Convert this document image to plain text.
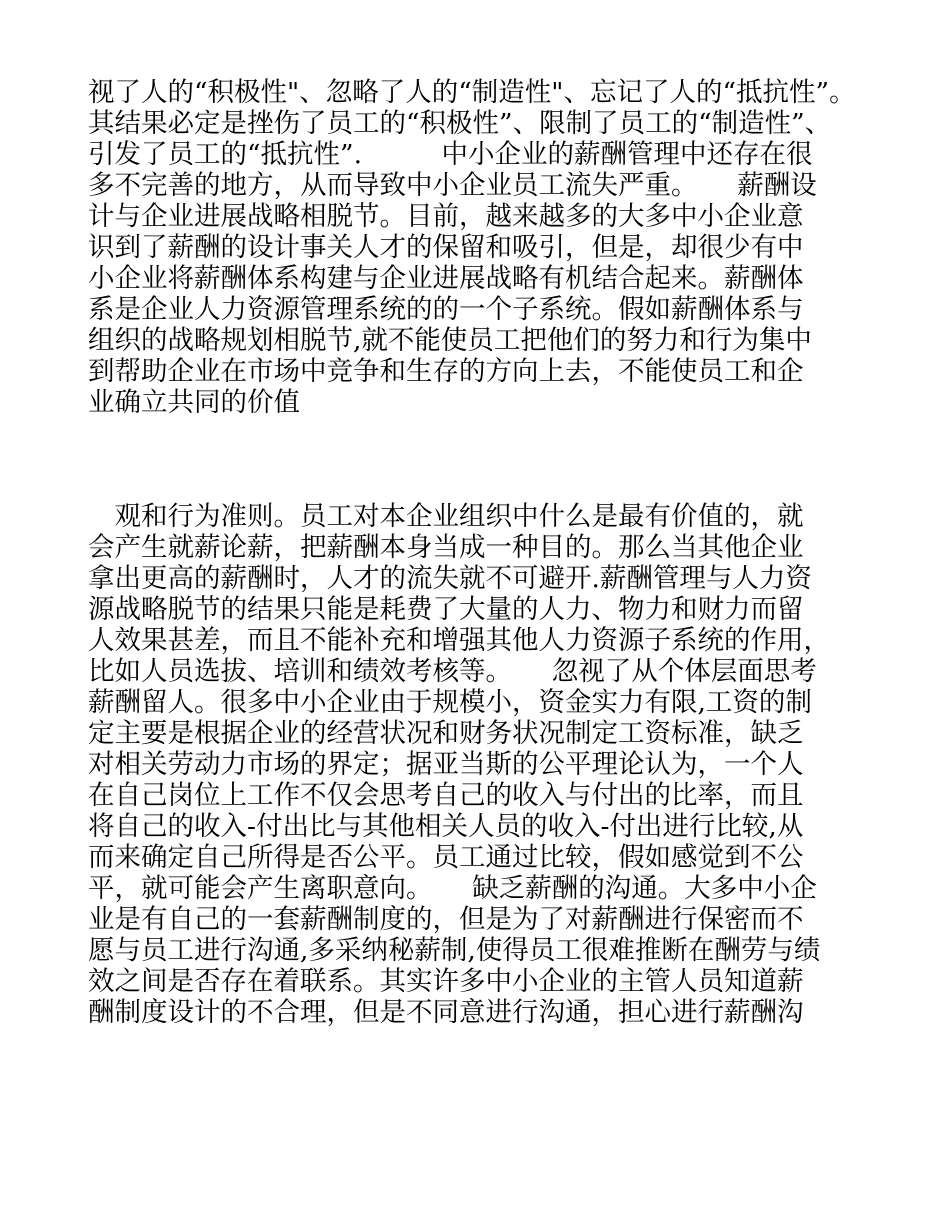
视了人的“积极性"、忽略了人的“制造性"、忘记了人的“抵抗性”。
其结果必定是挫伤了员工的“积极性”、限制了员工的“制造性”、
引发了员工的“抵抗性”.　　　中小企业的薪酬管理中还存在很
多不完善的地方，从而导致中小企业员工流失严重。　　薪酬设
计与企业进展战略相脱节。目前，越来越多的大多中小企业意
识到了薪酬的设计事关人才的保留和吸引，但是，却很少有中
小企业将薪酬体系构建与企业进展战略有机结合起来。薪酬体
系是企业人力资源管理系统的的一个子系统。假如薪酬体系与
组织的战略规划相脱节,就不能使员工把他们的努力和行为集中
到帮助企业在市场中竞争和生存的方向上去，不能使员工和企
业确立共同的价值
　观和行为准则。员工对本企业组织中什么是最有价值的，就
会产生就薪论薪，把薪酬本身当成一种目的。那么当其他企业
拿出更高的薪酬时，人才的流失就不可避开.薪酬管理与人力资
源战略脱节的结果只能是耗费了大量的人力、物力和财力而留
人效果甚差，而且不能补充和增强其他人力资源子系统的作用，
比如人员选拔、培训和绩效考核等。　　忽视了从个体层面思考
薪酬留人。很多中小企业由于规模小，资金实力有限,工资的制
定主要是根据企业的经营状况和财务状况制定工资标准，缺乏
对相关劳动力市场的界定；据亚当斯的公平理论认为，一个人
在自己岗位上工作不仅会思考自己的收入与付出的比率，而且
将自己的收入-付出比与其他相关人员的收入-付出进行比较,从
而来确定自己所得是否公平。员工通过比较，假如感觉到不公
平，就可能会产生离职意向。　　缺乏薪酬的沟通。大多中小企
业是有自己的一套薪酬制度的，但是为了对薪酬进行保密而不
愿与员工进行沟通,多采纳秘薪制,使得员工很难推断在酬劳与绩
效之间是否存在着联系。其实许多中小企业的主管人员知道薪
酬制度设计的不合理，但是不同意进行沟通，担心进行薪酬沟
